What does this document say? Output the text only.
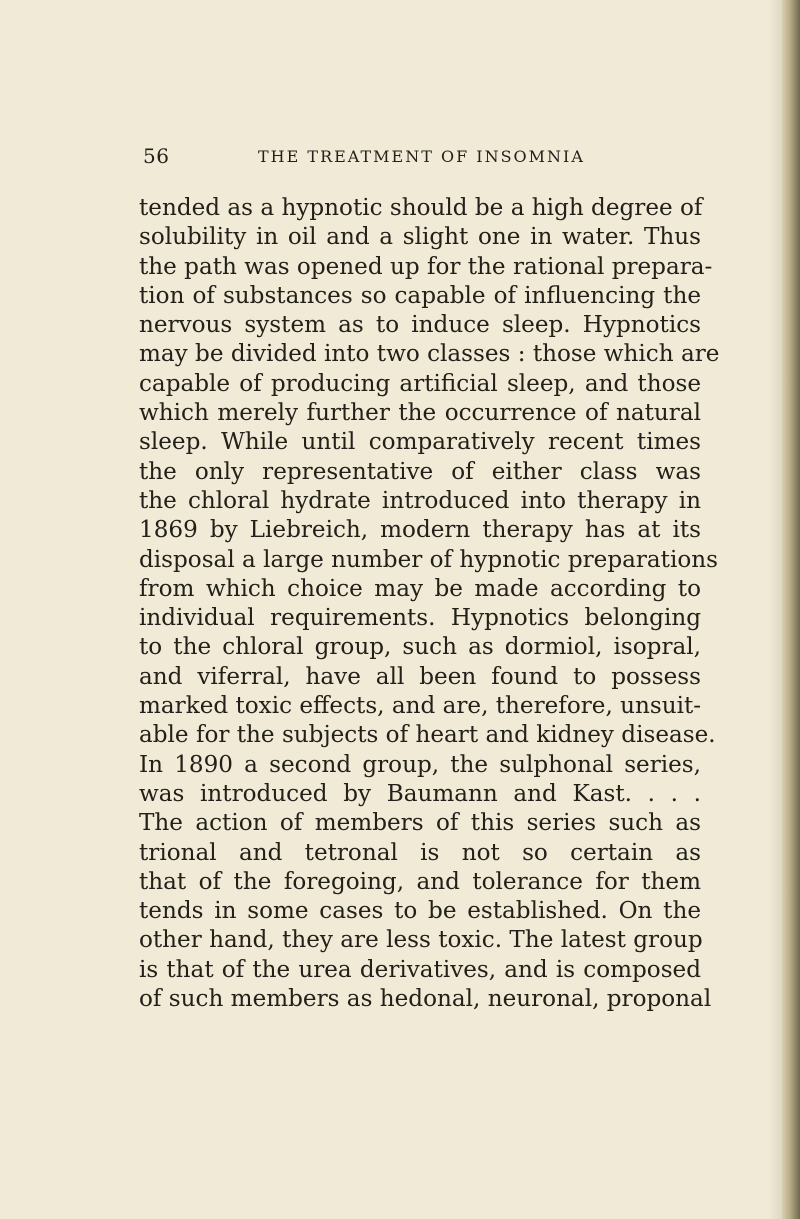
56	THE TREATMENT OF INSOMNIA
tended as a hypnotic should be a high degree of
solubility in oil and a slight one in water. Thus
the path was opened up for the rational prepara-
tion of substances so capable of influencing the
nervous system as to induce sleep. Hypnotics
may be divided into two classes : those which are
capable of producing artificial sleep, and those
which merely further the occurrence of natural
sleep. While until comparatively recent times
the only representative of either class was
the chloral hydrate introduced into therapy in
1869 by Liebreich, modern therapy has at its
disposal a large number of hypnotic preparations
from which choice may be made according to
individual requirements. Hypnotics belonging
to the chloral group, such as dormiol, isopral,
and viferral, have all been found to possess
marked toxic effects, and are, therefore, unsuit-
able for the subjects of heart and kidney disease.
In 1890 a second group, the sulphonal series,
was introduced by Baumann and Kast. . . .
The action of members of this series such as
trional and tetronal is not so certain as
that of the foregoing, and tolerance for them
tends in some cases to be established. On the
other hand, they are less toxic. The latest group
is that of the urea derivatives, and is composed
of such members as hedonal, neuronal, proponal
